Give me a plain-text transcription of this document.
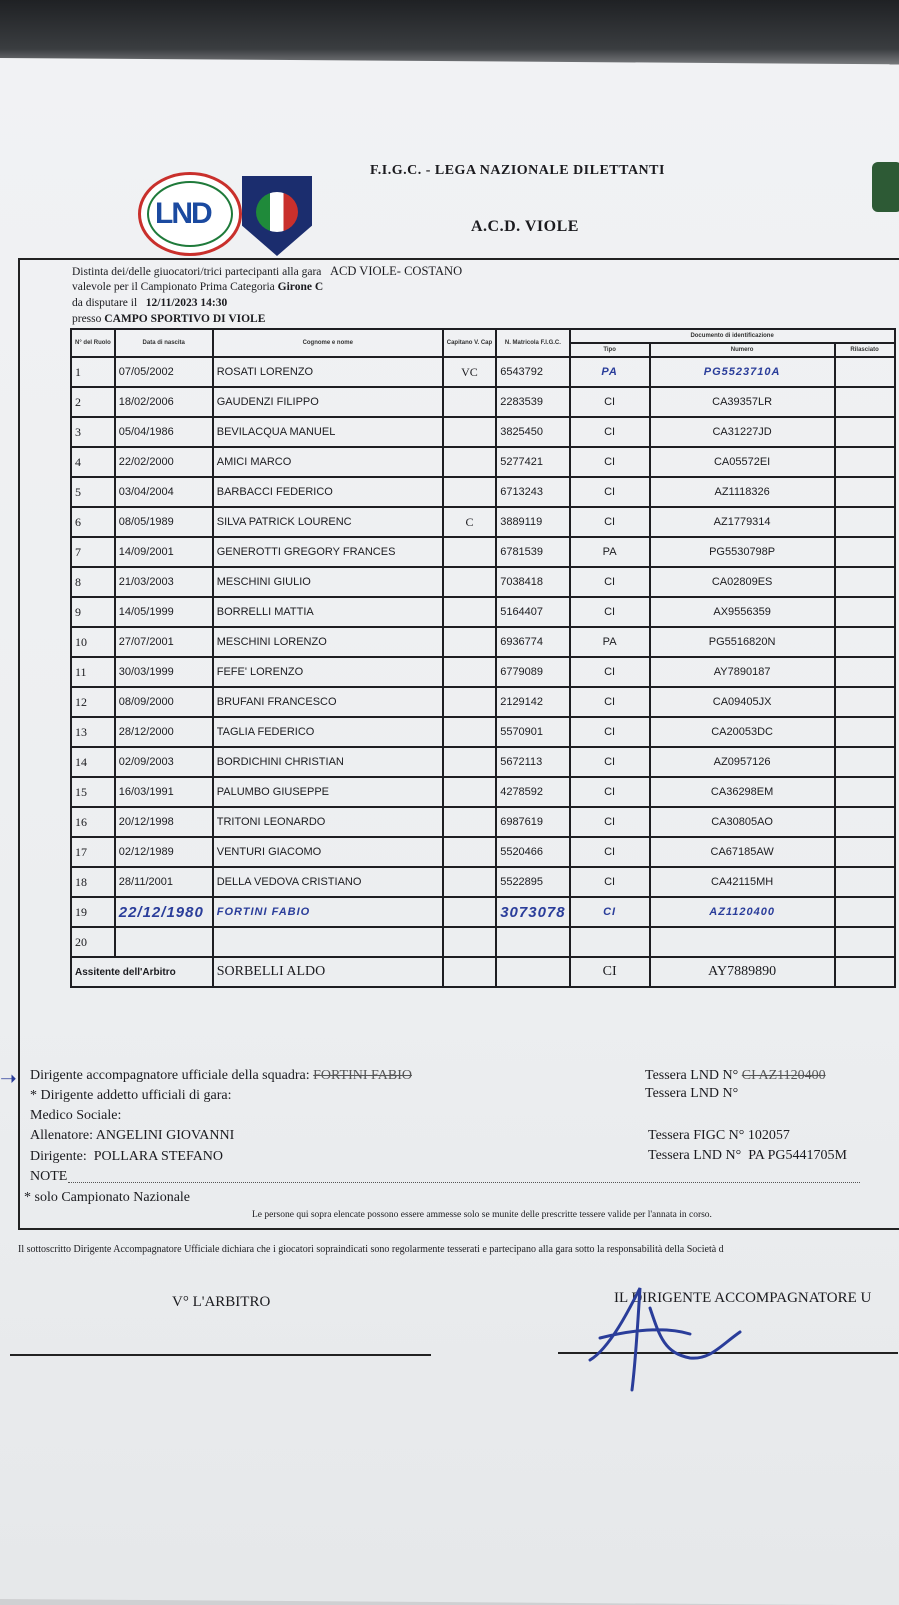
LND
F.I.G.C. - LEGA NAZIONALE DILETTANTI
A.C.D. VIOLE
Distinta dei/delle giuocatori/trici partecipanti alla gara ACD VIOLE- COSTANO
valevole per il Campionato Prima Categoria Girone C
da disputare il 12/11/2023 14:30
presso CAMPO SPORTIVO DI VIOLE
N° del Ruolo	Data di nascita	Cognome e nome	Capitano V. Cap	N. Matricola F.I.G.C.	Documento di identificazione		
					Tipo	Numero	Rilasciato
1	07/05/2002	ROSATI LORENZO	VC	6543792	PA	PG5523710A	
2	18/02/2006	GAUDENZI FILIPPO		2283539	CI	CA39357LR	
3	05/04/1986	BEVILACQUA MANUEL		3825450	CI	CA31227JD	
4	22/02/2000	AMICI MARCO		5277421	CI	CA05572EI	
5	03/04/2004	BARBACCI FEDERICO		6713243	CI	AZ1118326	
6	08/05/1989	SILVA PATRICK LOURENC	C	3889119	CI	AZ1779314	
7	14/09/2001	GENEROTTI GREGORY FRANCES		6781539	PA	PG5530798P	
8	21/03/2003	MESCHINI GIULIO		7038418	CI	CA02809ES	
9	14/05/1999	BORRELLI MATTIA		5164407	CI	AX9556359	
10	27/07/2001	MESCHINI LORENZO		6936774	PA	PG5516820N	
11	30/03/1999	FEFE' LORENZO		6779089	CI	AY7890187	
12	08/09/2000	BRUFANI FRANCESCO		2129142	CI	CA09405JX	
13	28/12/2000	TAGLIA FEDERICO		5570901	CI	CA20053DC	
14	02/09/2003	BORDICHINI CHRISTIAN		5672113	CI	AZ0957126	
15	16/03/1991	PALUMBO GIUSEPPE		4278592	CI	CA36298EM	
16	20/12/1998	TRITONI LEONARDO		6987619	CI	CA30805AO	
17	02/12/1989	VENTURI GIACOMO		5520466	CI	CA67185AW	
18	28/11/2001	DELLA VEDOVA CRISTIANO		5522895	CI	CA42115MH	
19	22/12/1980	FORTINI FABIO		3073078	CI	AZ1120400	
20							
Assitente dell'Arbitro		SORBELLI ALDO			CI	AY7889890	
➝ Dirigente accompagnatore ufficiale della squadra: FORTINI FABIO	Tessera LND N° CI AZ1120400
* Dirigente addetto ufficiali di gara:	Tessera LND N°
Medico Sociale:
Allenatore: ANGELINI GIOVANNI	Tessera FIGC N° 102057
Dirigente: POLLARA STEFANO	Tessera LND N° PA PG5441705M
NOTE
* solo Campionato Nazionale
Le persone qui sopra elencate possono essere ammesse solo se munite delle prescritte tessere valide per l'annata in corso.
Il sottoscritto Dirigente Accompagnatore Ufficiale dichiara che i giocatori sopraindicati sono regolarmente tesserati e partecipano alla gara sotto la responsabilità della Società d
V° L'ARBITRO	IL DIRIGENTE ACCOMPAGNATORE U
